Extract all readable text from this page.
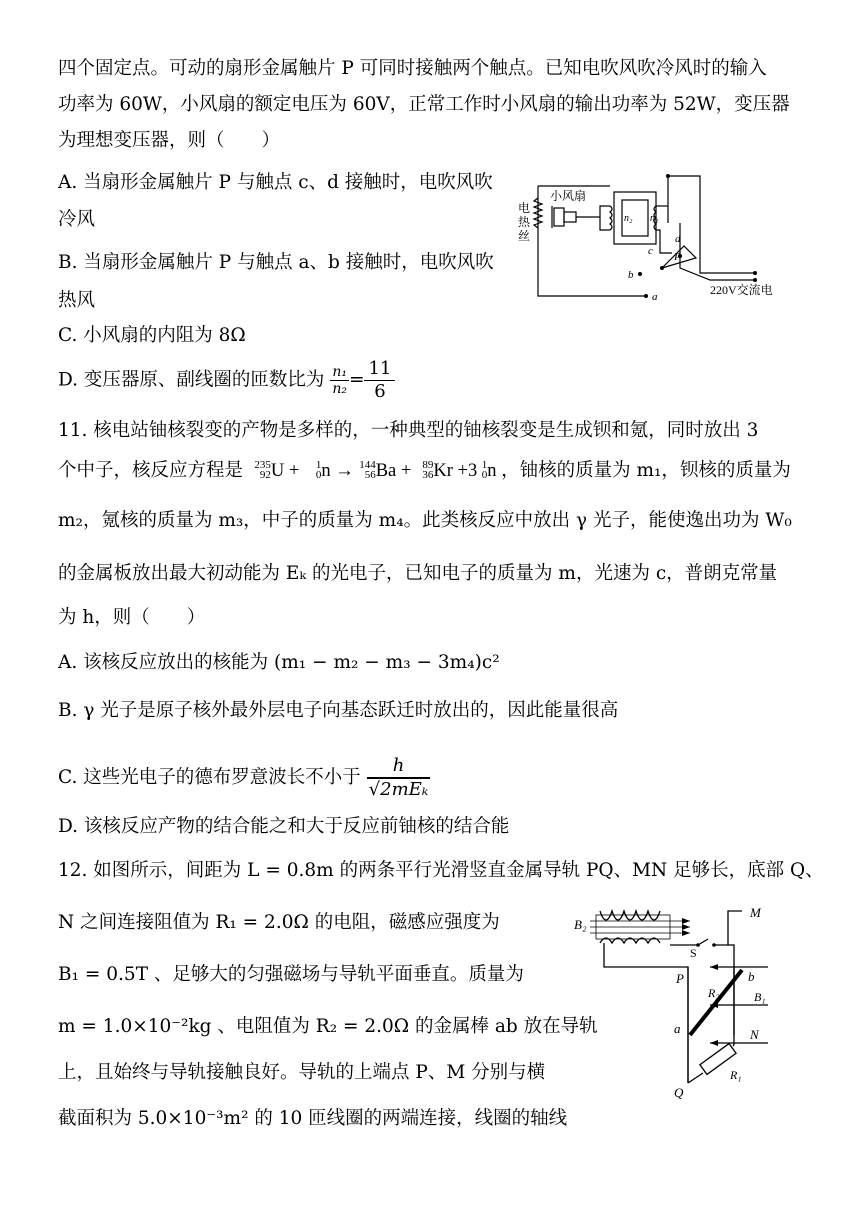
四个固定点。可动的扇形金属触片 P 可同时接触两个触点。已知电吹风吹冷风时的输入
功率为 60W，小风扇的额定电压为 60V，正常工作时小风扇的输出功率为 52W，变压器
为理想变压器，则（　　）
A. 当扇形金属触片 P 与触点 c、d 接触时，电吹风吹
冷风
B. 当扇形金属触片 P 与触点 a、b 接触时，电吹风吹
热风
C. 小风扇的内阻为 8Ω
D. 变压器原、副线圈的匝数比为 $\frac{\text{n₁}}{\text{n₂}} = \frac{11}{6}$
小风扇
电
热
丝
n₂ n₁
P
a
b
c
d
220V交流电
11. 核电站铀核裂变的产物是多样的，一种典型的铀核裂变是生成钡和氪，同时放出 3
个中子，核反应方程是 235
92 U + 1
0 n → 144
56 Ba + 89
36 Kr +3 1
0 n ，铀核的质量为 m₁，钡核的质量为
m₂，氪核的质量为 m₃，中子的质量为 m₄。此类核反应中放出 γ 光子，能使逸出功为 W₀
的金属板放出最大初动能为 Eₖ 的光电子，已知电子的质量为 m，光速为 c，普朗克常量
为 h，则（　　）
A. 该核反应放出的核能为 (m₁ − m₂ − m₃ − 3m₄)c²
B. γ 光子是原子核外最外层电子向基态跃迁时放出的，因此能量很高
C. 这些光电子的德布罗意波长不小于 $\frac{h}{\text{√2mEₖ}}$
D. 该核反应产物的结合能之和大于反应前铀核的结合能
12. 如图所示，间距为 L = 0.8m 的两条平行光滑竖直金属导轨 PQ、MN 足够长，底部 Q、
N 之间连接阻值为 R₁ = 2.0Ω 的电阻，磁感应强度为
B₁ = 0.5T 、足够大的匀强磁场与导轨平面垂直。质量为
m = 1.0×10⁻²kg 、电阻值为 R₂ = 2.0Ω 的金属棒 ab 放在导轨
上，且始终与导轨接触良好。导轨的上端点 P、M 分别与横
截面积为 5.0×10⁻³m² 的 10 匝线圈的两端连接，线圈的轴线
B₂
M
S
P	b
R₂	B₁
a	N
R₁
Q
